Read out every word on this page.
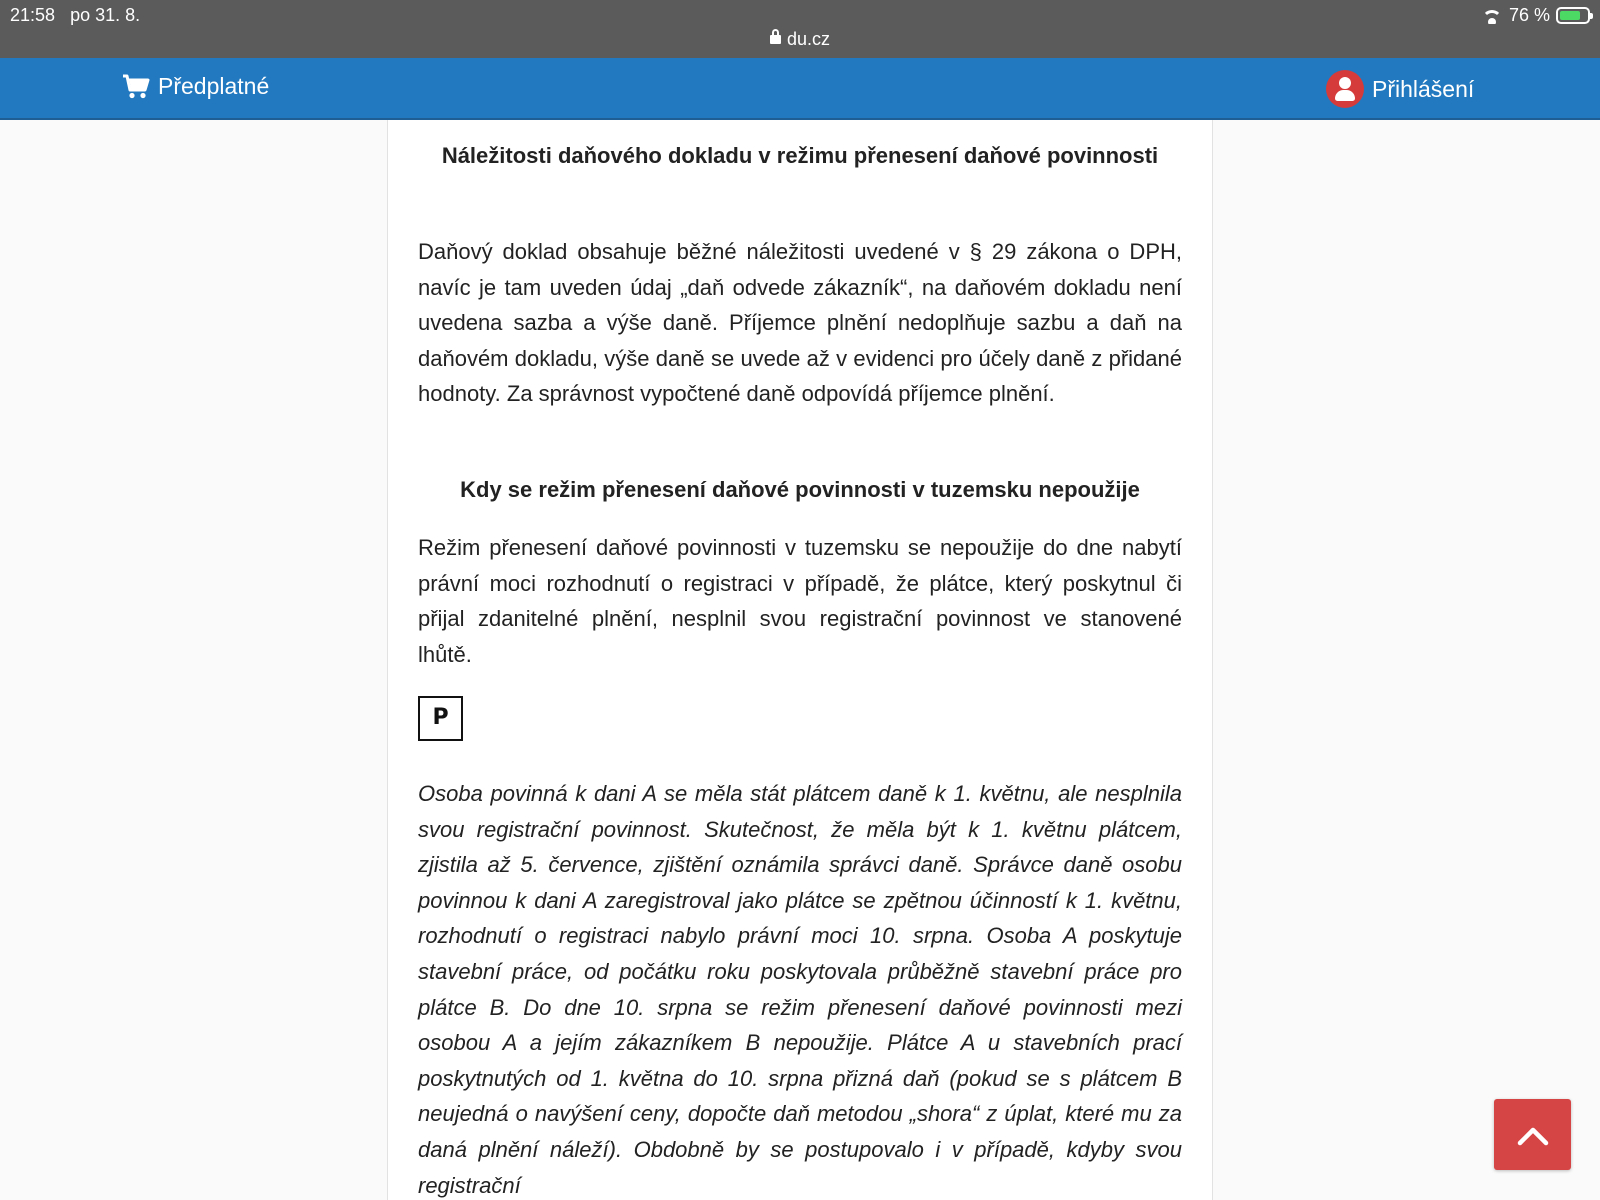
21:58 po 31. 8.	76 %
du.cz
Předplatné	Přihlášení
Náležitosti daňového dokladu v režimu přenesení daňové povinnosti

Daňový doklad obsahuje běžné náležitosti uvedené v § 29 zákona o DPH, navíc je tam uveden údaj „daň odvede zákazník“, na daňovém dokladu není uvedena sazba a výše daně. Příjemce plnění nedoplňuje sazbu a daň na daňovém dokladu, výše daně se uvede až v evidenci pro účely daně z přidané hodnoty. Za správnost vypočtené daně odpovídá příjemce plnění.

Kdy se režim přenesení daňové povinnosti v tuzemsku nepoužije

Režim přenesení daňové povinnosti v tuzemsku se nepoužije do dne nabytí právní moci rozhodnutí o registraci v případě, že plátce, který poskytnul či přijal zdanitelné plnění, nesplnil svou registrační povinnost ve stanovené lhůtě.

P

Osoba povinná k dani A se měla stát plátcem daně k 1. květnu, ale nesplnila svou registrační povinnost. Skutečnost, že měla být k 1. květnu plátcem, zjistila až 5. července, zjištění oznámila správci daně. Správce daně osobu povinnou k dani A zaregistroval jako plátce se zpětnou účinností k 1. květnu, rozhodnutí o registraci nabylo právní moci 10. srpna. Osoba A poskytuje stavební práce, od počátku roku poskytovala průběžně stavební práce pro plátce B. Do dne 10. srpna se režim přenesení daňové povinnosti mezi osobou A a jejím zákazníkem B nepoužije. Plátce A u stavebních prací poskytnutých od 1. května do 10. srpna přizná daň (pokud se s plátcem B neujedná o navýšení ceny, dopočte daň metodou „shora“ z úplat, které mu za daná plnění náleží). Obdobně by se postupovalo i v případě, kdyby svou registrační
